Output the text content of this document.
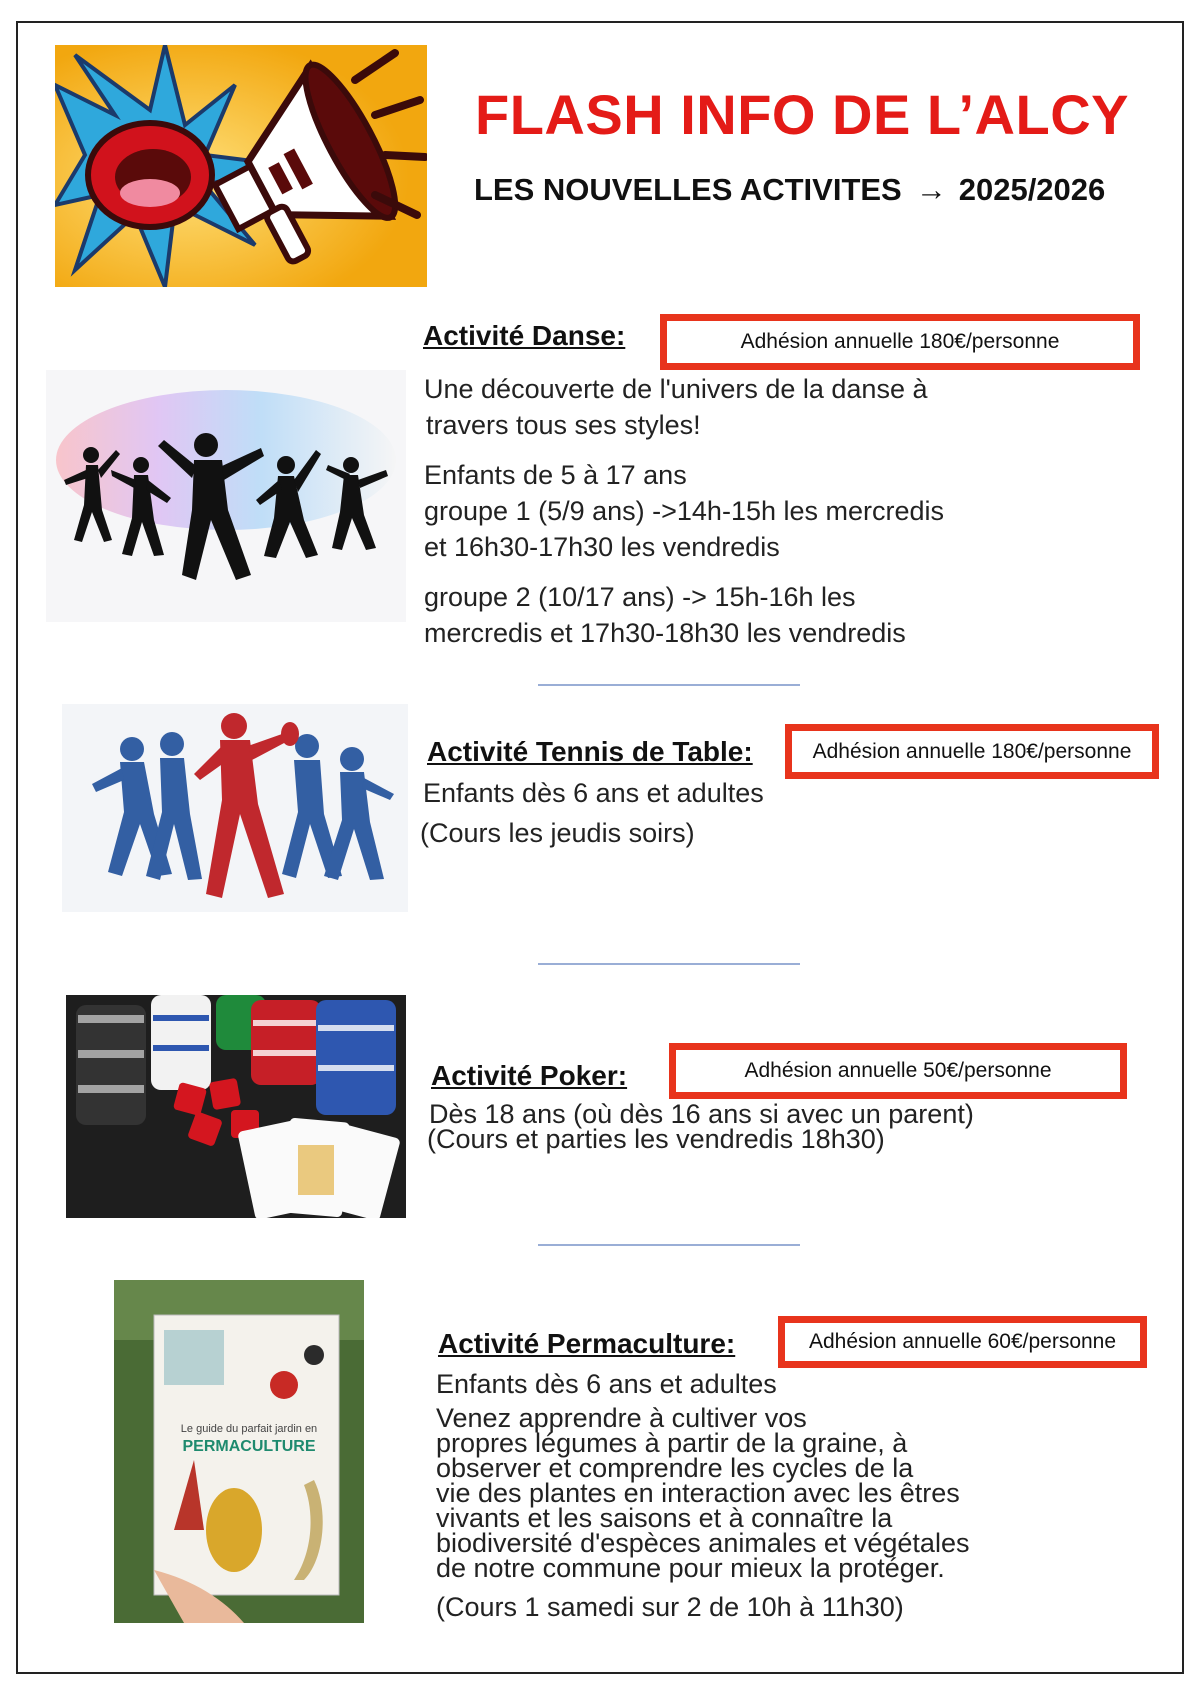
FLASH INFO DE L’ALCY
LES NOUVELLES ACTIVITES → 2025/2026
Activité Danse:	Adhésion annuelle 180€/personne
Une découverte de l'univers de la danse à
travers tous ses styles!
Enfants de 5 à 17 ans
groupe 1 (5/9 ans) ->14h-15h les mercredis
et 16h30-17h30 les vendredis
groupe 2 (10/17 ans) -> 15h-16h les
mercredis et 17h30-18h30 les vendredis
Activité Tennis de Table:	Adhésion annuelle 180€/personne
Enfants dès 6 ans et adultes
(Cours les jeudis soirs)
Activité Poker:	Adhésion annuelle 50€/personne
Dès 18 ans (où dès 16 ans si avec un parent)
(Cours et parties les vendredis 18h30)
Le guide du parfait jardin en
PERMACULTURE
Activité Permaculture:	Adhésion annuelle 60€/personne
Enfants dès 6 ans et adultes
Venez apprendre à cultiver vos
propres légumes à partir de la graine, à
observer et comprendre les cycles de la
vie des plantes en interaction avec les êtres
vivants et les saisons et à connaître la
biodiversité d'espèces animales et végétales
de notre commune pour mieux la protéger.
(Cours 1 samedi sur 2 de 10h à 11h30)
